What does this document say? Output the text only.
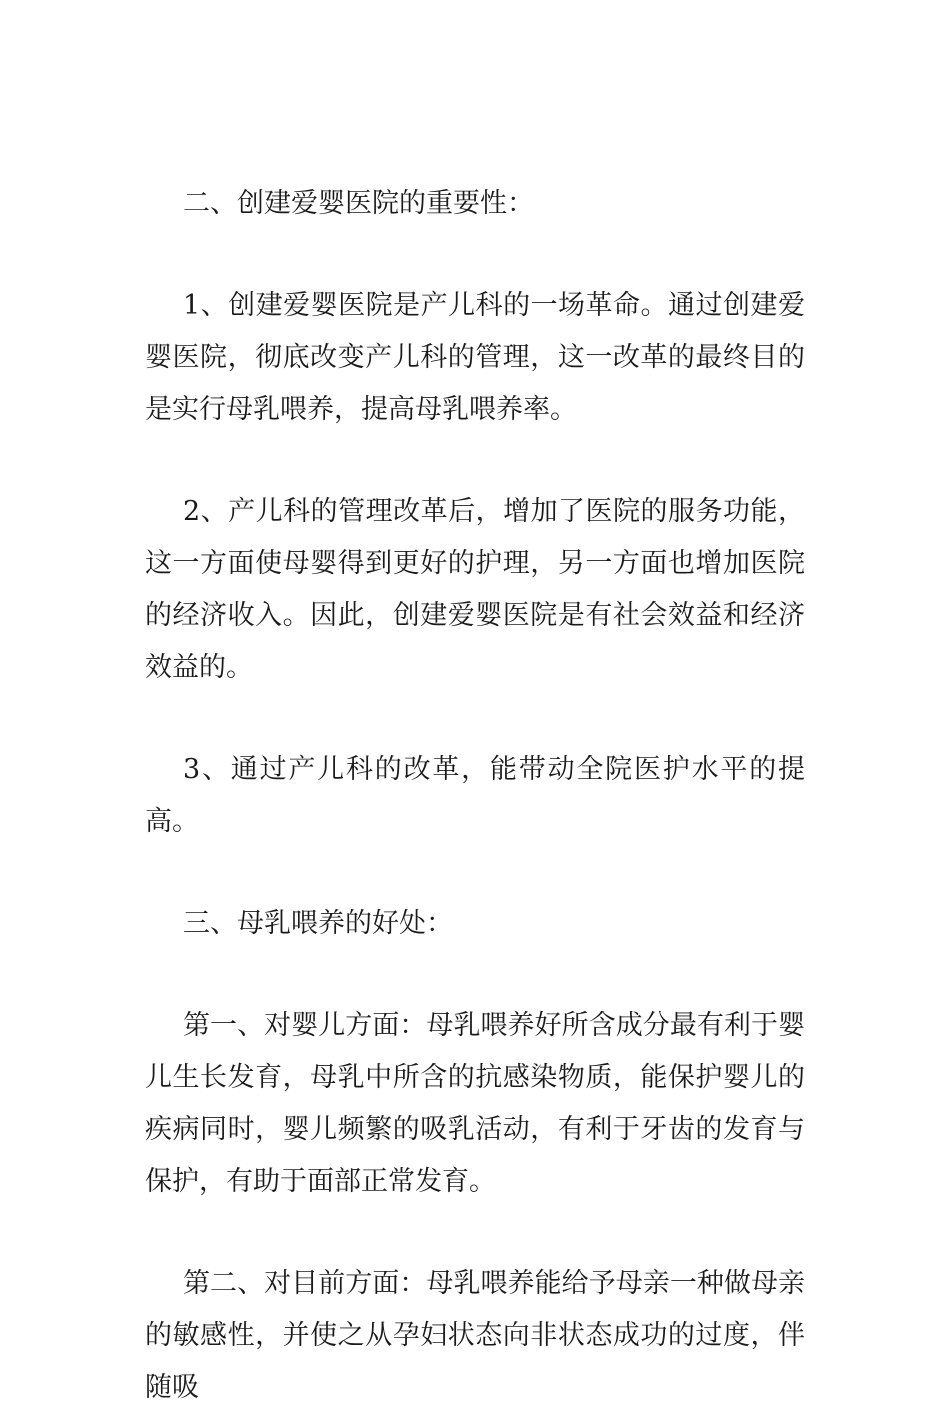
二、创建爱婴医院的重要性：

1、创建爱婴医院是产儿科的一场革命。通过创建爱婴医院，彻底改变产儿科的管理，这一改革的最终目的是实行母乳喂养，提高母乳喂养率。

2、产儿科的管理改革后，增加了医院的服务功能，这一方面使母婴得到更好的护理，另一方面也增加医院的经济收入。因此，创建爱婴医院是有社会效益和经济效益的。

3、通过产儿科的改革，能带动全院医护水平的提高。

三、母乳喂养的好处：

第一、对婴儿方面：母乳喂养好所含成分最有利于婴儿生长发育，母乳中所含的抗感染物质，能保护婴儿的疾病同时，婴儿频繁的吸乳活动，有利于牙齿的发育与保护，有助于面部正常发育。

第二、对目前方面：母乳喂养能给予母亲一种做母亲的敏感性，并使之从孕妇状态向非状态成功的过度，伴随吸
